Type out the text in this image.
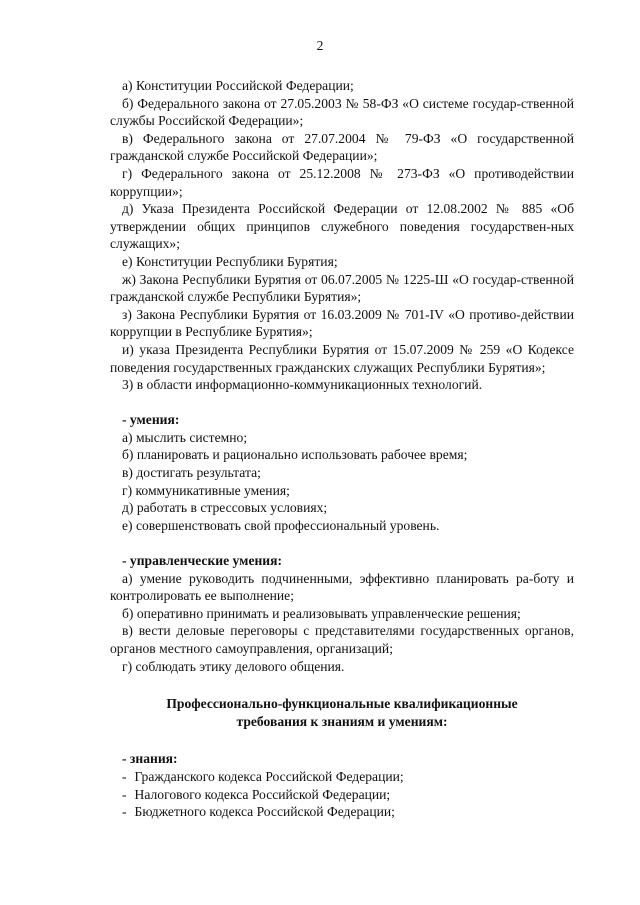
2
а) Конституции Российской Федерации;
б) Федерального закона от 27.05.2003 № 58-ФЗ «О системе государ-ственной службы Российской Федерации»;
в) Федерального закона от 27.07.2004 № 79-ФЗ «О государственной гражданской службе Российской Федерации»;
г) Федерального закона от 25.12.2008 № 273-ФЗ «О противодействии коррупции»;
д) Указа Президента Российской Федерации от 12.08.2002 № 885 «Об утверждении общих принципов служебного поведения государствен-ных служащих»;
е) Конституции Республики Бурятия;
ж) Закона Республики Бурятия от 06.07.2005 № 1225-Ш «О государ-ственной гражданской службе Республики Бурятия»;
з) Закона Республики Бурятия от 16.03.2009 № 701-IV «О противо-действии коррупции в Республике Бурятия»;
и) указа Президента Республики Бурятия от 15.07.2009 № 259 «О Кодексе поведения государственных гражданских служащих Республики Бурятия»;
3) в области информационно-коммуникационных технологий.
- умения:
а) мыслить системно;
б) планировать и рационально использовать рабочее время;
в) достигать результата;
г) коммуникативные умения;
д) работать в стрессовых условиях;
е) совершенствовать свой профессиональный уровень.
- управленческие умения:
а) умение руководить подчиненными, эффективно планировать ра-боту и контролировать ее выполнение;
б) оперативно принимать и реализовывать управленческие решения;
в) вести деловые переговоры с представителями государственных органов, органов местного самоуправления, организаций;
г) соблюдать этику делового общения.
Профессионально-функциональные квалификационные
требования к знаниям и умениям:
- знания:
- Гражданского кодекса Российской Федерации;
- Налогового кодекса Российской Федерации;
- Бюджетного кодекса Российской Федерации;
